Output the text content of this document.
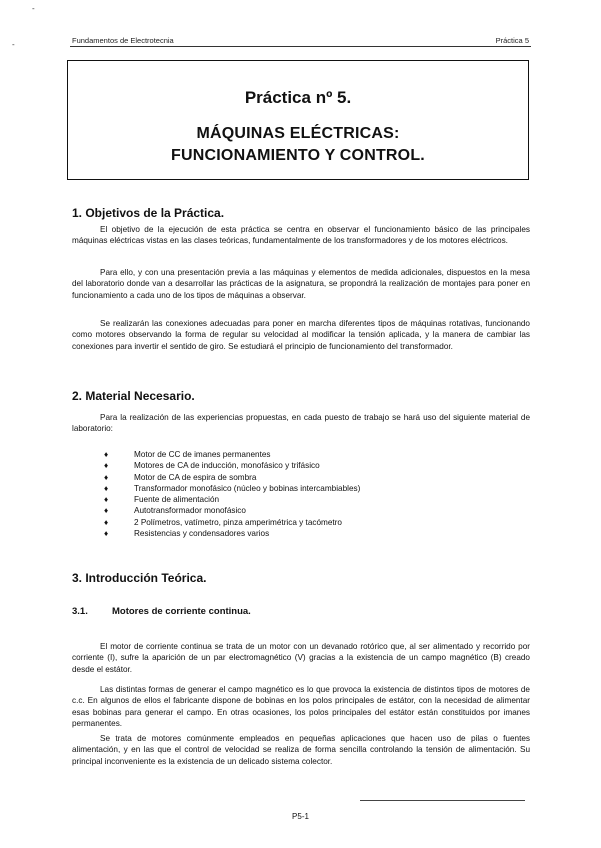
-
-	Fundamentos de Electrotecnia	Práctica 5
Práctica nº 5.
MÁQUINAS ELÉCTRICAS:
FUNCIONAMIENTO Y CONTROL.
1. Objetivos de la Práctica.

El objetivo de la ejecución de esta práctica se centra en observar el funcionamiento básico de las principales máquinas eléctricas vistas en las clases teóricas, fundamentalmente de los transformadores y de los motores eléctricos.

Para ello, y con una presentación previa a las máquinas y elementos de medida adicionales, dispuestos en la mesa del laboratorio donde van a desarrollar las prácticas de la asignatura, se propondrá la realización de montajes para poner en funcionamiento a cada uno de los tipos de máquinas a observar.

Se realizarán las conexiones adecuadas para poner en marcha diferentes tipos de máquinas rotativas, funcionando como motores observando la forma de regular su velocidad al modificar la tensión aplicada, y la manera de cambiar las conexiones para invertir el sentido de giro. Se estudiará el principio de funcionamiento del transformador.

2. Material Necesario.

Para la realización de las experiencias propuestas, en cada puesto de trabajo se hará uso del siguiente material de laboratorio:

♦	Motor de CC de imanes permanentes
♦	Motores de CA de inducción, monofásico y trifásico
♦	Motor de CA de espira de sombra
♦	Transformador monofásico (núcleo y bobinas intercambiables)
♦	Fuente de alimentación
♦	Autotransformador monofásico
♦	2 Polímetros, vatímetro, pinza amperimétrica y tacómetro
♦	Resistencias y condensadores varios
3. Introducción Teórica.
3.1.	Motores de corriente continua.

El motor de corriente continua se trata de un motor con un devanado rotórico que, al ser alimentado y recorrido por corriente (I), sufre la aparición de un par electromagnético (V) gracias a la existencia de un campo magnético (B) creado desde el estátor.

Las distintas formas de generar el campo magnético es lo que provoca la existencia de distintos tipos de motores de c.c. En algunos de ellos el fabricante dispone de bobinas en los polos principales de estátor, con la necesidad de alimentar esas bobinas para generar el campo. En otras ocasiones, los polos principales del estátor están constituidos por imanes permanentes.

Se trata de motores comúnmente empleados en pequeñas aplicaciones que hacen uso de pilas o fuentes alimentación, y en las que el control de velocidad se realiza de forma sencilla controlando la tensión de alimentación. Su principal inconveniente es la existencia de un delicado sistema colector.

P5-1
